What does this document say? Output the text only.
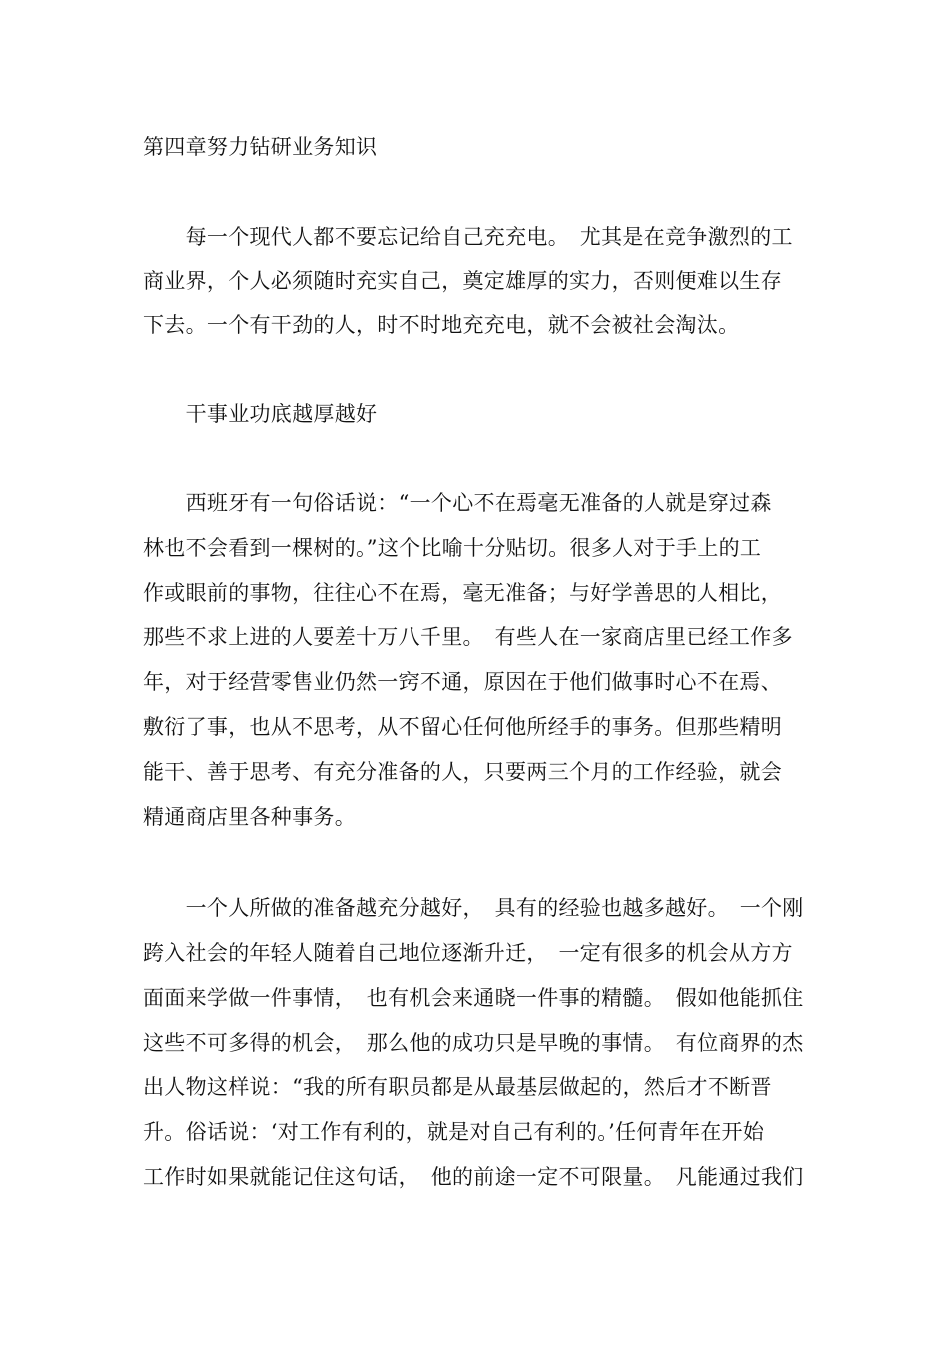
第四章努力钻研业务知识
　　每一个现代人都不要忘记给自己充充电。　尤其是在竞争激烈的工
商业界，个人必须随时充实自己，奠定雄厚的实力，否则便难以生存
下去。一个有干劲的人，时不时地充充电，就不会被社会淘汰。
　　干事业功底越厚越好
　　西班牙有一句俗话说：“一个心不在焉毫无准备的人就是穿过森
林也不会看到一棵树的。”这个比喻十分贴切。很多人对于手上的工
作或眼前的事物，往往心不在焉，毫无准备；与好学善思的人相比，
那些不求上进的人要差十万八千里。　有些人在一家商店里已经工作多
年，对于经营零售业仍然一窍不通，原因在于他们做事时心不在焉、
敷衍了事，也从不思考，从不留心任何他所经手的事务。但那些精明
能干、善于思考、有充分准备的人，只要两三个月的工作经验，就会
精通商店里各种事务。
　　一个人所做的准备越充分越好，　具有的经验也越多越好。　一个刚
跨入社会的年轻人随着自己地位逐渐升迁，　一定有很多的机会从方方
面面来学做一件事情，　也有机会来通晓一件事的精髓。　假如他能抓住
这些不可多得的机会，　那么他的成功只是早晚的事情。　有位商界的杰
出人物这样说：“我的所有职员都是从最基层做起的，然后才不断晋
升。俗话说：‘对工作有利的，就是对自己有利的。’任何青年在开始
工作时如果就能记住这句话，　他的前途一定不可限量。　凡能通过我们
